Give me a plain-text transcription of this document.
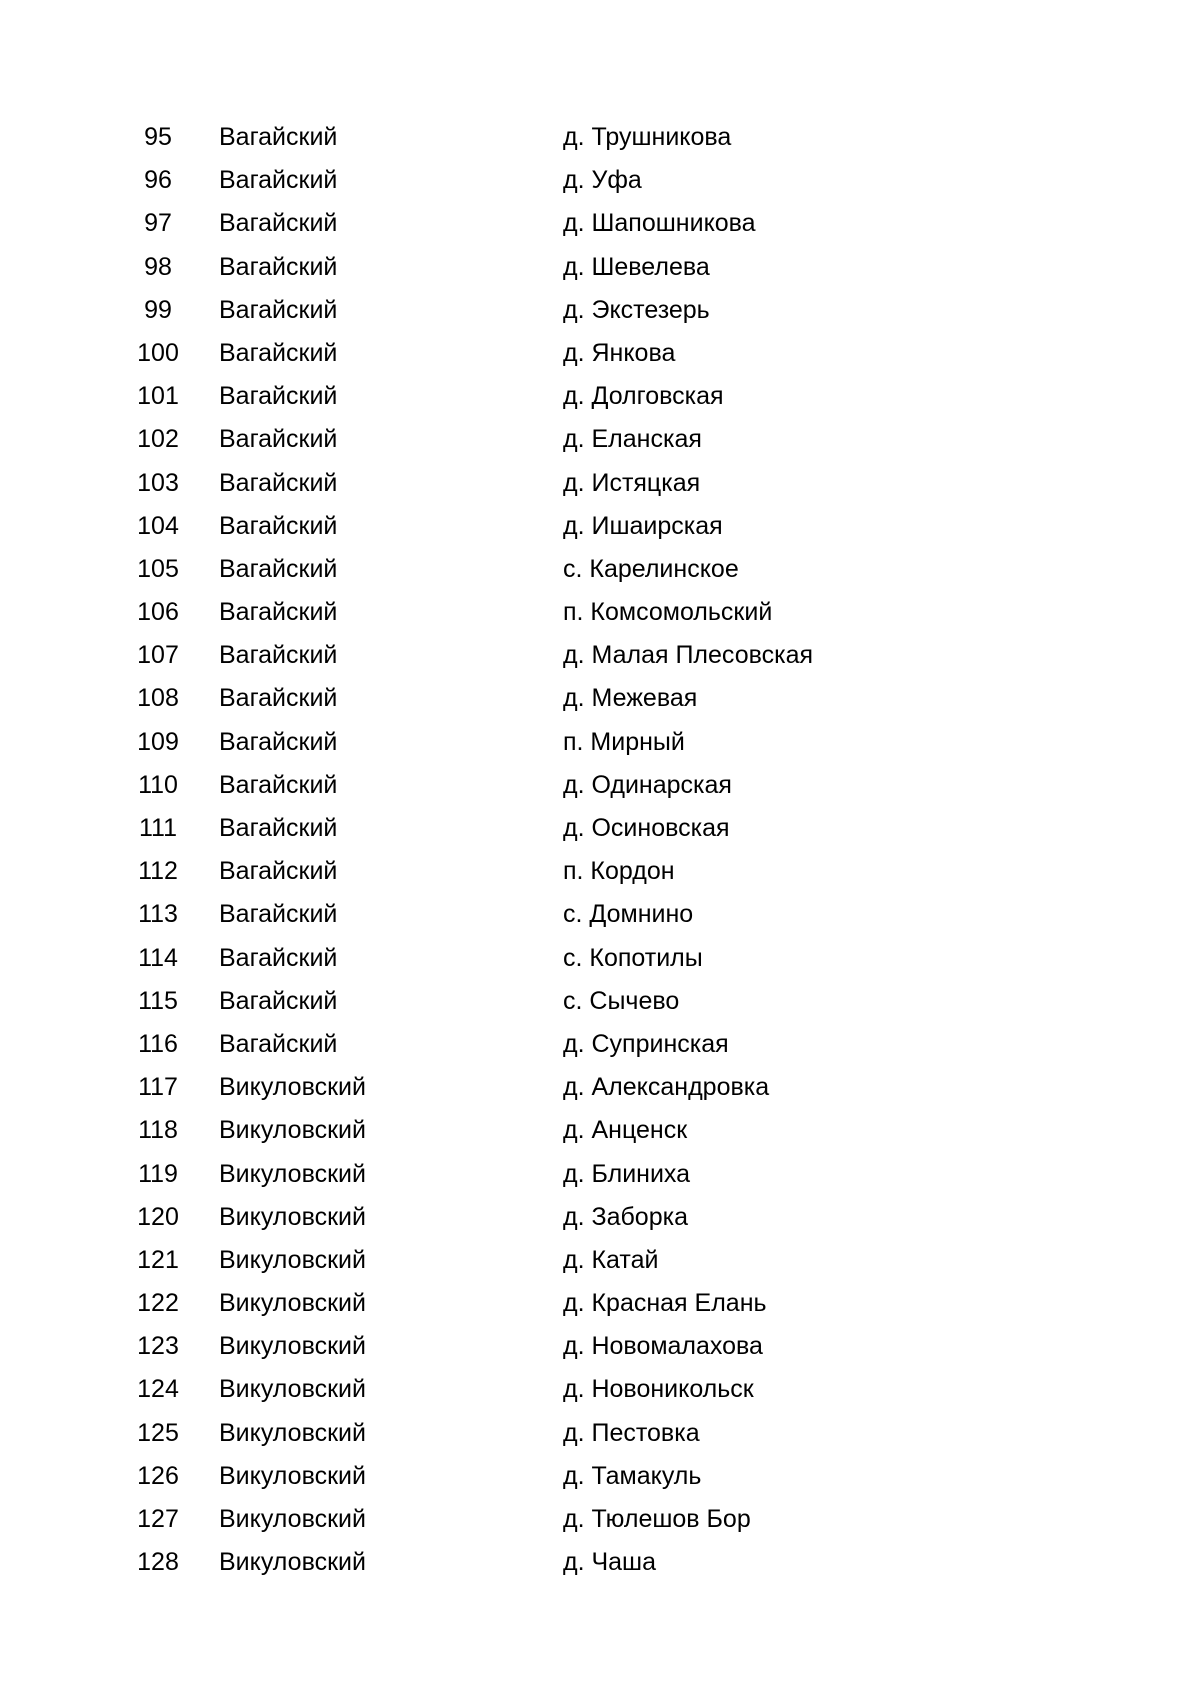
95	Вагайский	д. Трушникова
96	Вагайский	д. Уфа
97	Вагайский	д. Шапошникова
98	Вагайский	д. Шевелева
99	Вагайский	д. Экстезерь
100	Вагайский	д. Янкова
101	Вагайский	д. Долговская
102	Вагайский	д. Еланская
103	Вагайский	д. Истяцкая
104	Вагайский	д. Ишаирская
105	Вагайский	с. Карелинское
106	Вагайский	п. Комсомольский
107	Вагайский	д. Малая Плесовская
108	Вагайский	д. Межевая
109	Вагайский	п. Мирный
110	Вагайский	д. Одинарская
111	Вагайский	д. Осиновская
112	Вагайский	п. Кордон
113	Вагайский	с. Домнино
114	Вагайский	с. Копотилы
115	Вагайский	с. Сычево
116	Вагайский	д. Супринская
117	Викуловский	д. Александровка
118	Викуловский	д. Анценск
119	Викуловский	д. Блиниха
120	Викуловский	д. Заборка
121	Викуловский	д. Катай
122	Викуловский	д. Красная Елань
123	Викуловский	д. Новомалахова
124	Викуловский	д. Новоникольск
125	Викуловский	д. Пестовка
126	Викуловский	д. Тамакуль
127	Викуловский	д. Тюлешов Бор
128	Викуловский	д. Чаша
